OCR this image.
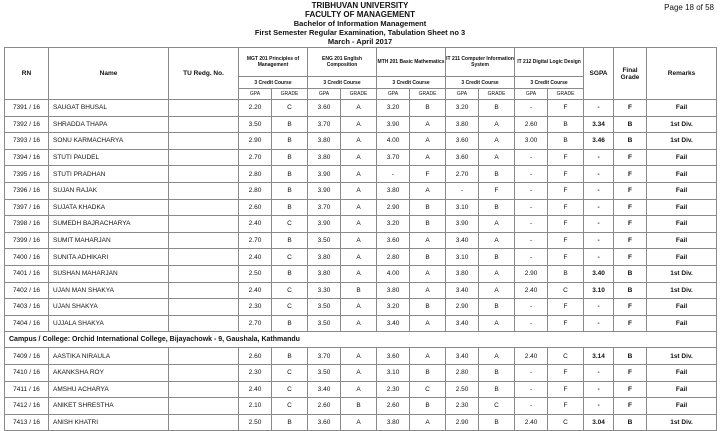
TRIBHUVAN UNIVERSITY
FACULTY OF MANAGEMENT
Bachelor of Information Management
First Semester Regular Examination, Tabulation Sheet no 3
March - April 2017
Page 18 of 58
RN	Name	TU Redg. No.	MGT 201 Principles of Management		ENG 201 English Composition		MTH 201 Basic Mathematics		IT 211 Computer Information System		IT 212 Digital Logic Design		SGPA	Final Grade	Remarks
			3 Credit Course		3 Credit Course		3 Credit Course		3 Credit Course		3 Credit Course				
			GPA	GRADE	GPA	GRADE	GPA	GRADE	GPA	GRADE	GPA	GRADE			
7391 / 16	SAUGAT BHUSAL		2.20	C	3.60	A	3.20	B	3.20	B	-	F	-	F	Fail
7392 / 16	SHRADDA THAPA		3.50	B	3.70	A	3.90	A	3.80	A	2.60	B	3.34	B	1st Div.
7393 / 16	SONU KARMACHARYA		2.90	B	3.80	A	4.00	A	3.60	A	3.00	B	3.46	B	1st Div.
7394 / 16	STUTI PAUDEL		2.70	B	3.80	A	3.70	A	3.60	A	-	F	-	F	Fail
7395 / 16	STUTI PRADHAN		2.80	B	3.90	A	-	F	2.70	B	-	F	-	F	Fail
7396 / 16	SUJAN RAJAK		2.80	B	3.90	A	3.80	A	-	F	-	F	-	F	Fail
7397 / 16	SUJATA KHADKA		2.60	B	3.70	A	2.90	B	3.10	B	-	F	-	F	Fail
7398 / 16	SUMEDH BAJRACHARYA		2.40	C	3.90	A	3.20	B	3.90	A	-	F	-	F	Fail
7399 / 16	SUMIT MAHARJAN		2.70	B	3.50	A	3.60	A	3.40	A	-	F	-	F	Fail
7400 / 16	SUNITA ADHIKARI		2.40	C	3.80	A	2.80	B	3.10	B	-	F	-	F	Fail
7401 / 16	SUSHAN MAHARJAN		2.50	B	3.80	A	4.00	A	3.80	A	2.90	B	3.40	B	1st Div.
7402 / 16	UJAN MAN SHAKYA		2.40	C	3.30	B	3.80	A	3.40	A	2.40	C	3.10	B	1st Div.
7403 / 16	UJAN SHAKYA		2.30	C	3.50	A	3.20	B	2.90	B	-	F	-	F	Fail
7404 / 16	UJJALA SHAKYA		2.70	B	3.50	A	3.40	A	3.40	A	-	F	-	F	Fail
Campus / College: Orchid International College, Bijayachowk - 9, Gaushala, Kathmandu															
7409 / 16	AASTIKA NIRAULA		2.60	B	3.70	A	3.60	A	3.40	A	2.40	C	3.14	B	1st Div.
7410 / 16	AKANKSHA ROY		2.30	C	3.50	A	3.10	B	2.80	B	-	F	-	F	Fail
7411 / 16	AMSHU ACHARYA		2.40	C	3.40	A	2.30	C	2.50	B	-	F	-	F	Fail
7412 / 16	ANIKET SHRESTHA		2.10	C	2.60	B	2.60	B	2.30	C	-	F	-	F	Fail
7413 / 16	ANISH KHATRI		2.50	B	3.60	A	3.80	A	2.90	B	2.40	C	3.04	B	1st Div.
